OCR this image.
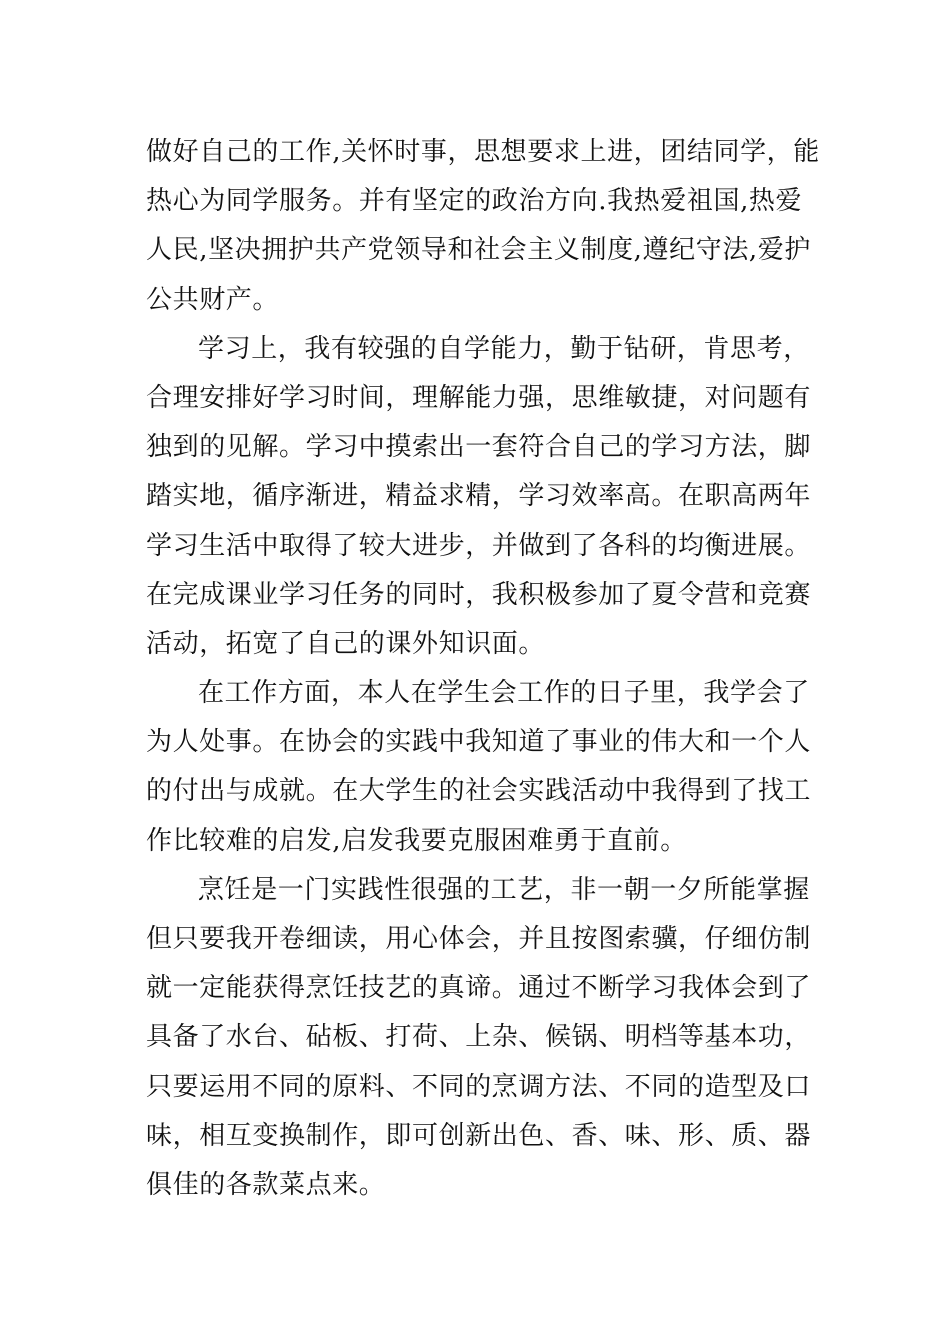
做好自己的工作,关怀时事，思想要求上进，团结同学，能
热心为同学服务。并有坚定的政治方向.我热爱祖国,热爱
人民,坚决拥护共产党领导和社会主义制度,遵纪守法,爱护
公共财产。

学习上，我有较强的自学能力，勤于钻研，肯思考，
合理安排好学习时间，理解能力强，思维敏捷，对问题有
独到的见解。学习中摸索出一套符合自己的学习方法，脚
踏实地，循序渐进，精益求精，学习效率高。在职高两年
学习生活中取得了较大进步，并做到了各科的均衡进展。
在完成课业学习任务的同时，我积极参加了夏令营和竞赛
活动，拓宽了自己的课外知识面。

在工作方面，本人在学生会工作的日子里，我学会了
为人处事。在协会的实践中我知道了事业的伟大和一个人
的付出与成就。在大学生的社会实践活动中我得到了找工
作比较难的启发,启发我要克服困难勇于直前。

烹饪是一门实践性很强的工艺，非一朝一夕所能掌握
但只要我开卷细读，用心体会，并且按图索骥，仔细仿制
就一定能获得烹饪技艺的真谛。通过不断学习我体会到了
具备了水台、砧板、打荷、上杂、候锅、明档等基本功，
只要运用不同的原料、不同的烹调方法、不同的造型及口
味，相互变换制作，即可创新出色、香、味、形、质、器
俱佳的各款菜点来。
